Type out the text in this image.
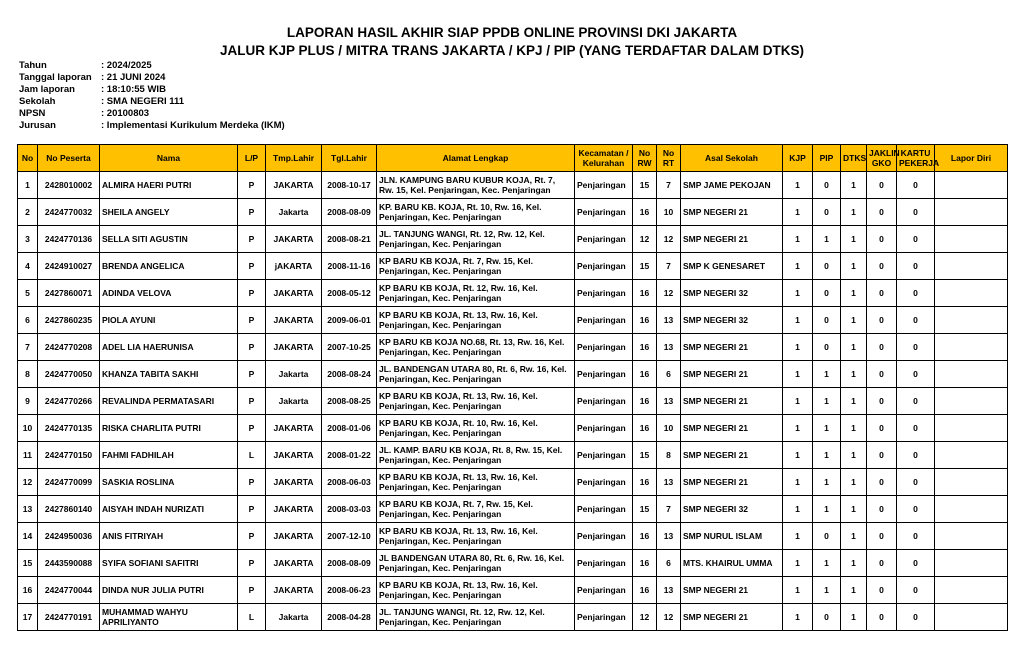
LAPORAN HASIL AKHIR SIAP PPDB ONLINE PROVINSI DKI JAKARTA
JALUR KJP PLUS / MITRA TRANS JAKARTA / KPJ / PIP (YANG TERDAFTAR DALAM DTKS)
Tahun	: 2024/2025
Tanggal laporan : 21 JUNI 2024
Jam laporan	: 18:10:55 WIB
Sekolah	: SMA NEGERI 111
NPSN	: 20100803
Jurusan	: Implementasi Kurikulum Merdeka (IKM)
No	No Peserta	Nama	L/P	Tmp.Lahir	Tgl.Lahir	Alamat Lengkap	Kecamatan / Kelurahan	No RW	No RT	Asal Sekolah	KJP	PIP	DTKS	JAKLIN GKO	KARTU PEKERJA	Lapor Diri
1	2428010002	ALMIRA HAERI PUTRI	P	JAKARTA	2008-10-17	JLN. KAMPUNG BARU KUBUR KOJA, Rt. 7, Rw. 15, Kel. Penjaringan, Kec. Penjaringan	Penjaringan	15	7	SMP JAME PEKOJAN	1	0	1	0	0	
2	2424770032	SHEILA ANGELY	P	Jakarta	2008-08-09	KP. BARU KB. KOJA, Rt. 10, Rw. 16, Kel. Penjaringan, Kec. Penjaringan	Penjaringan	16	10	SMP NEGERI 21	1	0	1	0	0	
3	2424770136	SELLA SITI AGUSTIN	P	JAKARTA	2008-08-21	JL. TANJUNG WANGI, Rt. 12, Rw. 12, Kel. Penjaringan, Kec. Penjaringan	Penjaringan	12	12	SMP NEGERI 21	1	1	1	0	0	
4	2424910027	BRENDA ANGELICA	P	jAKARTA	2008-11-16	KP BARU KB KOJA, Rt. 7, Rw. 15, Kel. Penjaringan, Kec. Penjaringan	Penjaringan	15	7	SMP K GENESARET	1	0	1	0	0	
5	2427860071	ADINDA VELOVA	P	JAKARTA	2008-05-12	KP BARU KB KOJA, Rt. 12, Rw. 16, Kel. Penjaringan, Kec. Penjaringan	Penjaringan	16	12	SMP NEGERI 32	1	0	1	0	0	
6	2427860235	PIOLA AYUNI	P	JAKARTA	2009-06-01	KP BARU KB KOJA, Rt. 13, Rw. 16, Kel. Penjaringan, Kec. Penjaringan	Penjaringan	16	13	SMP NEGERI 32	1	0	1	0	0	
7	2424770208	ADEL LIA HAERUNISA	P	JAKARTA	2007-10-25	KP BARU KB KOJA NO.68, Rt. 13, Rw. 16, Kel. Penjaringan, Kec. Penjaringan	Penjaringan	16	13	SMP NEGERI 21	1	0	1	0	0	
8	2424770050	KHANZA TABITA SAKHI	P	Jakarta	2008-08-24	JL. BANDENGAN UTARA 80, Rt. 6, Rw. 16, Kel. Penjaringan, Kec. Penjaringan	Penjaringan	16	6	SMP NEGERI 21	1	1	1	0	0	
9	2424770266	REVALINDA PERMATASARI	P	Jakarta	2008-08-25	KP BARU KB KOJA, Rt. 13, Rw. 16, Kel. Penjaringan, Kec. Penjaringan	Penjaringan	16	13	SMP NEGERI 21	1	1	1	0	0	
10	2424770135	RISKA CHARLITA PUTRI	P	JAKARTA	2008-01-06	KP BARU KB KOJA, Rt. 10, Rw. 16, Kel. Penjaringan, Kec. Penjaringan	Penjaringan	16	10	SMP NEGERI 21	1	1	1	0	0	
11	2424770150	FAHMI FADHILAH	L	JAKARTA	2008-01-22	JL. KAMP. BARU KB KOJA, Rt. 8, Rw. 15, Kel. Penjaringan, Kec. Penjaringan	Penjaringan	15	8	SMP NEGERI 21	1	1	1	0	0	
12	2424770099	SASKIA ROSLINA	P	JAKARTA	2008-06-03	KP BARU KB KOJA, Rt. 13, Rw. 16, Kel. Penjaringan, Kec. Penjaringan	Penjaringan	16	13	SMP NEGERI 21	1	1	1	0	0	
13	2427860140	AISYAH INDAH NURIZATI	P	JAKARTA	2008-03-03	KP BARU KB KOJA, Rt. 7, Rw. 15, Kel. Penjaringan, Kec. Penjaringan	Penjaringan	15	7	SMP NEGERI 32	1	1	1	0	0	
14	2424950036	ANIS FITRIYAH	P	JAKARTA	2007-12-10	KP BARU KB KOJA, Rt. 13, Rw. 16, Kel. Penjaringan, Kec. Penjaringan	Penjaringan	16	13	SMP NURUL ISLAM	1	0	1	0	0	
15	2443590088	SYIFA SOFIANI SAFITRI	P	JAKARTA	2008-08-09	JL BANDENGAN UTARA 80, Rt. 6, Rw. 16, Kel. Penjaringan, Kec. Penjaringan	Penjaringan	16	6	MTS. KHAIRUL UMMA	1	1	1	0	0	
16	2424770044	DINDA NUR JULIA PUTRI	P	JAKARTA	2008-06-23	KP BARU KB KOJA, Rt. 13, Rw. 16, Kel. Penjaringan, Kec. Penjaringan	Penjaringan	16	13	SMP NEGERI 21	1	1	1	0	0	
17	2424770191	MUHAMMAD WAHYU APRILIYANTO	L	Jakarta	2008-04-28	JL. TANJUNG WANGI, Rt. 12, Rw. 12, Kel. Penjaringan, Kec. Penjaringan	Penjaringan	12	12	SMP NEGERI 21	1	0	1	0	0	
